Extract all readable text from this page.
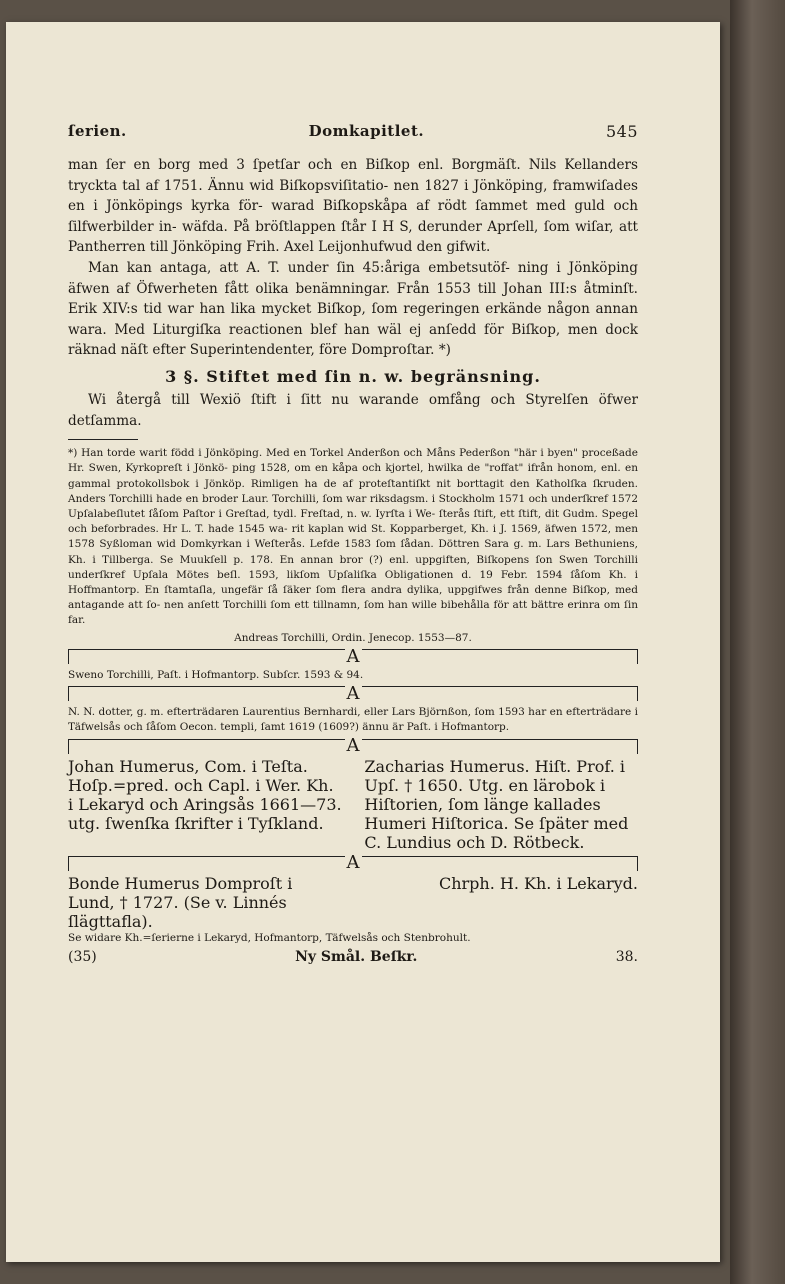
ſerien.	Domkapitlet.	545

man ſer en borg med 3 ſpetſar och en Biſkop enl. Borgmäſt. Nils Kellanders tryckta tal af 1751. Ännu wid Biſkopsviſitatio- nen 1827 i Jönköping, framwiſades en i Jönköpings kyrka för- warad Biſkopskåpa af rödt ſammet med guld och ſilfwerbilder in- wäfda. På bröſtlappen ſtår I H S, derunder Aprſell, ſom wiſar, att Pantherren till Jönköping Frih. Axel Leijonhufwud den gifwit.

Man kan antaga, att A. T. under ſin 45:åriga embetsutöf- ning i Jönköping äfwen af Öfwerheten fått olika benämningar. Från 1553 till Johan III:s åtminſt. Erik XIV:s tid war han lika mycket Biſkop, ſom regeringen erkände någon annan wara. Med Liturgiſka reactionen blef han wäl ej anſedd för Biſkop, men dock räknad näſt efter Superintendenter, före Domproſtar. *)

3 §. Stiftet med ſin n. w. begränsning.

Wi återgå till Wexiö ſtift i ſitt nu warande omfång och Styrelſen öfwer detſamma.

*) Han torde warit född i Jönköping. Med en Torkel Anderßon och Måns Pederßon "här i byen" proceßade Hr. Swen, Kyrkopreſt i Jönkö- ping 1528, om en kåpa och kjortel, hwilka de "roffat" ifrån honom, enl. en gammal protokollsbok i Jönköp. Rimligen ha de af proteſtantiſkt nit borttagit den Katholſka ſkruden. Anders Torchilli hade en broder Laur. Torchilli, ſom war riksdagsm. i Stockholm 1571 och underſkref 1572 Upſalabeſlutet ſåſom Paſtor i Greſtad, tydl. Freſtad, n. w. Iyrſta i We- ſterås ſtift, ett ſtift, dit Gudm. Spegel och beforbrades. Hr L. T. hade 1545 wa- rit kaplan wid St. Kopparberget, Kh. i J. 1569, äfwen 1572, men 1578 Syßloman wid Domkyrkan i Weſterås. Lefde 1583 ſom ſådan. Döttren Sara g. m. Lars Bethuniens, Kh. i Tillberga. Se Muukſell p. 178. En annan bror (?) enl. uppgiften, Biſkopens ſon Swen Torchilli underſkref Upſala Mötes beſl. 1593, likſom Upſaliſka Obligationen d. 19 Febr. 1594 ſåſom Kh. i Hoffmantorp. En ſtamtaſla, ungefär ſå ſäker ſom flera andra dylika, uppgifwes från denne Biſkop, med antagande att ſo- nen anſett Torchilli ſom ett tillnamn, ſom han wille bibehålla för att bättre erinra om ſin far.

Andreas Torchilli, Ordin. Jenecop. 1553—87.

A

Sweno Torchilli, Paſt. i Hofmantorp. Subſcr. 1593 & 94.

A

N. N. dotter, g. m. efterträdaren Laurentius Bernhardi, eller Lars Björnßon, ſom 1593 har en efterträdare i Täfwelsås och ſåſom Oecon. templi, ſamt 1619 (1609?) ännu är Paſt. i Hofmantorp.

A
Johan Humerus, Com. i Teſta. Hoſp.=pred. och Capl. i Wer. Kh. i Lekaryd och Aringsås 1661—73. utg. ſwenſka ſkrifter i Tyſkland.
Zacharias Humerus. Hiſt. Prof. i Upſ. † 1650. Utg. en lärobok i Hiſtorien, ſom länge kallades Humeri Hiſtorica. Se ſpäter med C. Lundius och D. Rötbeck.
A
Bonde Humerus Domproſt i Lund, † 1727. (Se v. Linnés ſlägttafla).
Chrph. H. Kh. i Lekaryd.

Se widare Kh.=ſerierne i Lekaryd, Hofmantorp, Täfwelsås och Stenbrohult.

(35)	Ny Smål. Beſkr.	38.
